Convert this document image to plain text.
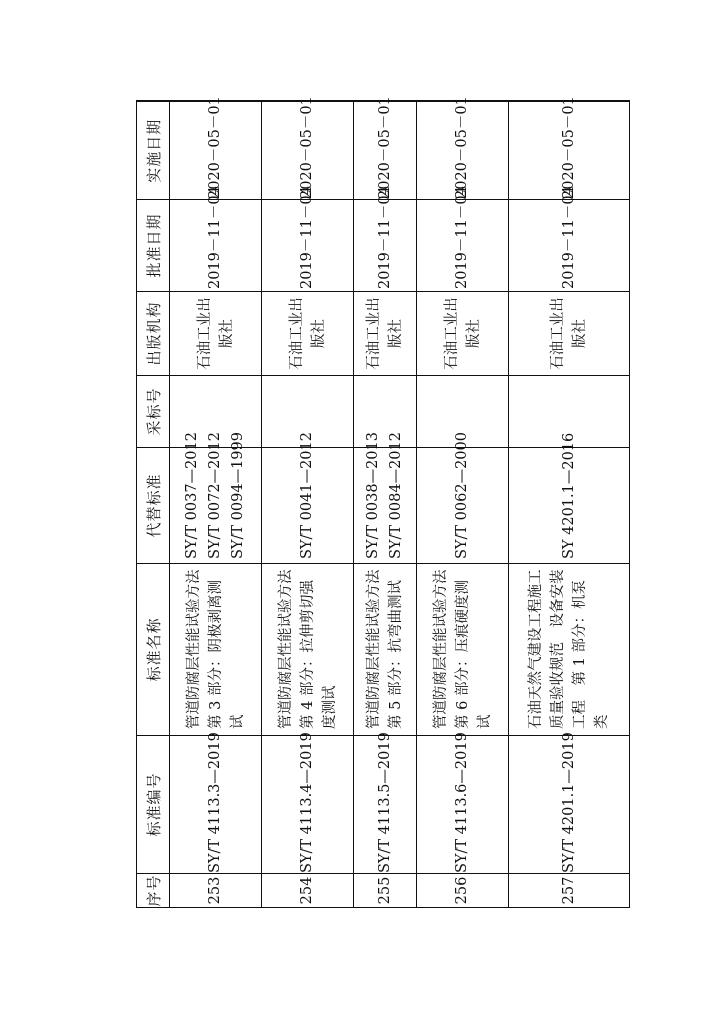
序号	标准编号	标准名称	代替标准	采标号	出版机构	批准日期	实施日期
253	SY/T 4113.3—2019	管道防腐层性能试验方法　第 3 部分：阴极剥离测试	SY/T 0037—2012 SY/T 0072—2012 SY/T 0094—1999		石油工业出版社	2019－11－04	2020－05－01
254	SY/T 4113.4—2019	管道防腐层性能试验方法　第 4 部分：拉伸剪切强度测试	SY/T 0041—2012		石油工业出版社	2019－11－04	2020－05－01
255	SY/T 4113.5—2019	管道防腐层性能试验方法　第 5 部分：抗弯曲测试	SY/T 0038—2013 SY/T 0084—2012		石油工业出版社	2019－11－04	2020－05－01
256	SY/T 4113.6—2019	管道防腐层性能试验方法　第 6 部分：压痕硬度测试	SY/T 0062—2000		石油工业出版社	2019－11－04	2020－05－01
257	SY/T 4201.1—2019	石油天然气建设工程施工质量验收规范　设备安装工程　第 1 部分：机泵类	SY 4201.1—2016		石油工业出版社	2019－11－04	2020－05－01
